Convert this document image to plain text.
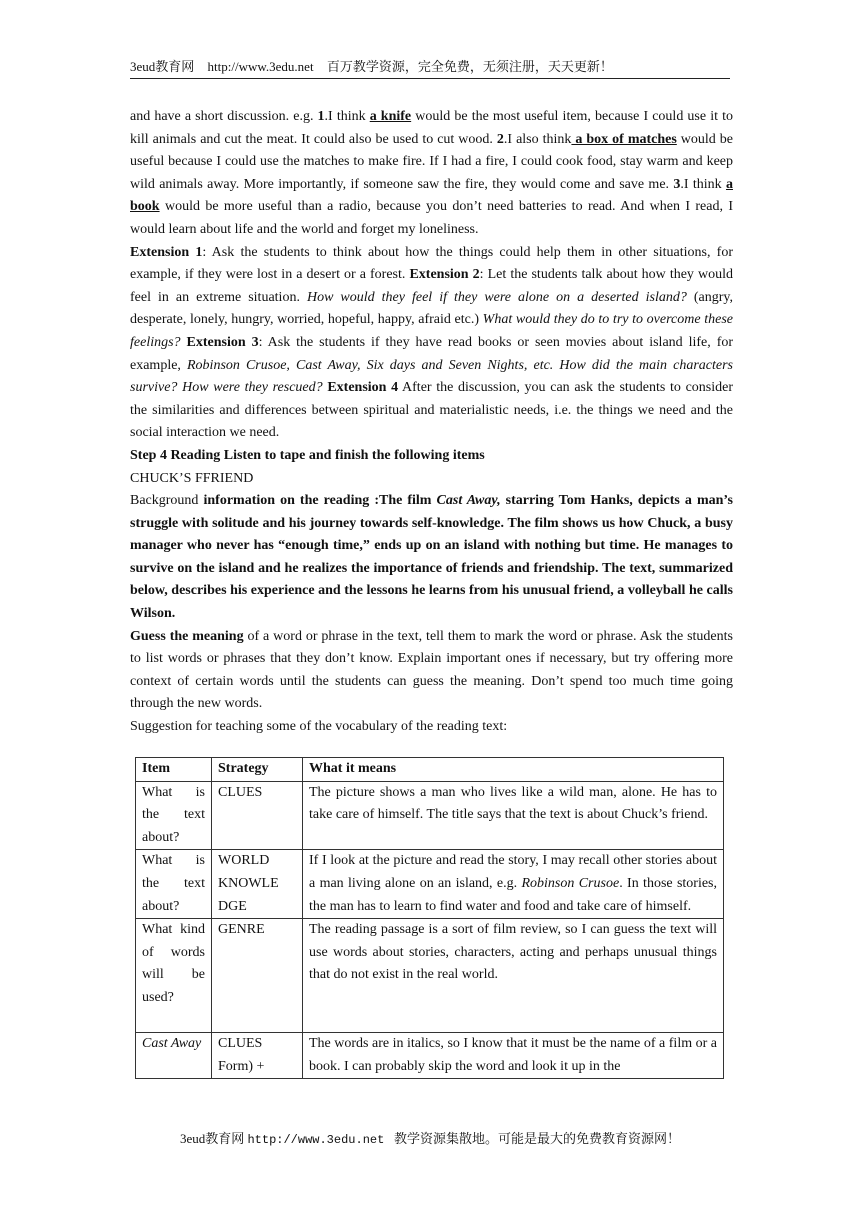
3eud教育网 http://www.3edu.net 百万教学资源，完全免费，无须注册，天天更新！

and have a short discussion. e.g. 1.I think a knife would be the most useful item, because I could use it to kill animals and cut the meat. It could also be used to cut wood. 2.I also think a box of matches would be useful because I could use the matches to make fire. If I had a fire, I could cook food, stay warm and keep wild animals away. More importantly, if someone saw the fire, they would come and save me. 3.I think a book would be more useful than a radio, because you don’t need batteries to read. And when I read, I would learn about life and the world and forget my loneliness.

Extension 1: Ask the students to think about how the things could help them in other situations, for example, if they were lost in a desert or a forest. Extension 2: Let the students talk about how they would feel in an extreme situation. How would they feel if they were alone on a deserted island? (angry, desperate, lonely, hungry, worried, hopeful, happy, afraid etc.) What would they do to try to overcome these feelings? Extension 3: Ask the students if they have read books or seen movies about island life, for example, Robinson Crusoe, Cast Away, Six days and Seven Nights, etc. How did the main characters survive? How were they rescued? Extension 4 After the discussion, you can ask the students to consider the similarities and differences between spiritual and materialistic needs, i.e. the things we need and the social interaction we need.

Step 4 Reading Listen to tape and finish the following items

CHUCK’S FFRIEND

Background information on the reading :The film Cast Away, starring Tom Hanks, depicts a man’s struggle with solitude and his journey towards self-knowledge. The film shows us how Chuck, a busy manager who never has “enough time,” ends up on an island with nothing but time. He manages to survive on the island and he realizes the importance of friends and friendship. The text, summarized below, describes his experience and the lessons he learns from his unusual friend, a volleyball he calls Wilson.

Guess the meaning of a word or phrase in the text, tell them to mark the word or phrase. Ask the students to list words or phrases that they don’t know. Explain important ones if necessary, but try offering more context of certain words until the students can guess the meaning. Don’t spend too much time going through the new words.

Suggestion for teaching some of the vocabulary of the reading text:

Item	Strategy	What it means
What is the text about?	CLUES	The picture shows a man who lives like a wild man, alone. He has to take care of himself. The title says that the text is about Chuck’s friend.
What is the text about?	WORLD KNOWLE DGE	If I look at the picture and read the story, I may recall other stories about a man living alone on an island, e.g. Robinson Crusoe. In those stories, the man has to learn to find water and food and take care of himself.
What kind of words will be used?	GENRE	The reading passage is a sort of film review, so I can guess the text will use words about stories, characters, acting and perhaps unusual things that do not exist in the real world.
Cast Away	CLUES Form) +	The words are in italics, so I know that it must be the name of a film or a book. I can probably skip the word and look it up in the
3eud教育网 http://www.3edu.net 教学资源集散地。可能是最大的免费教育资源网！
